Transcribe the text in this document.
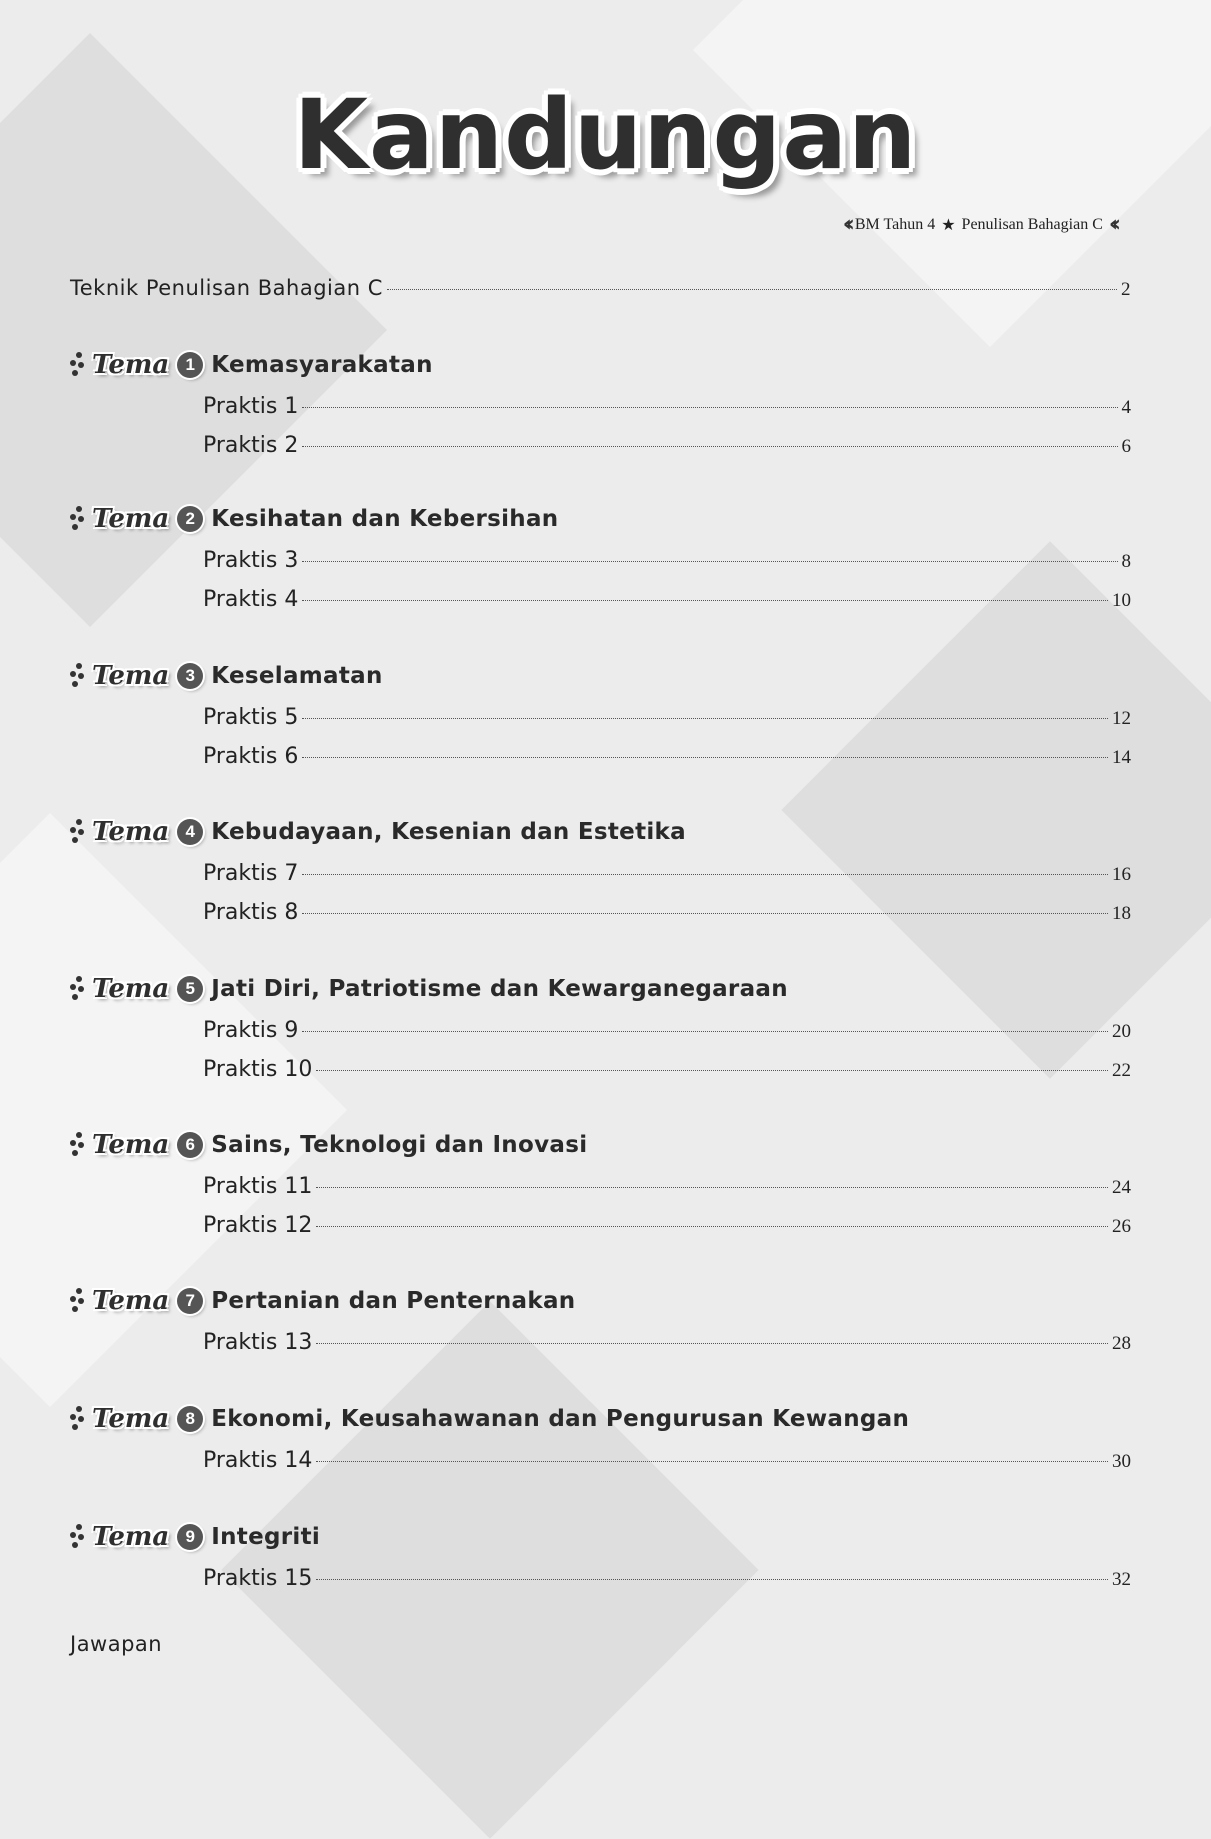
Kandungan
‹‹ BM Tahun 4 ★ Penulisan Bahagian C ‹‹
Teknik Penulisan Bahagian C	2
Tema 1 Kemasyarakatan
Praktis 1	4
Praktis 2	6
Tema 2 Kesihatan dan Kebersihan
Praktis 3	8
Praktis 4	10
Tema 3 Keselamatan
Praktis 5	12
Praktis 6	14
Tema 4 Kebudayaan, Kesenian dan Estetika
Praktis 7	16
Praktis 8	18
Tema 5 Jati Diri, Patriotisme dan Kewarganegaraan
Praktis 9	20
Praktis 10	22
Tema 6 Sains, Teknologi dan Inovasi
Praktis 11	24
Praktis 12	26
Tema 7 Pertanian dan Penternakan
Praktis 13	28
Tema 8 Ekonomi, Keusahawanan dan Pengurusan Kewangan
Praktis 14	30
Tema 9 Integriti
Praktis 15	32
Jawapan
